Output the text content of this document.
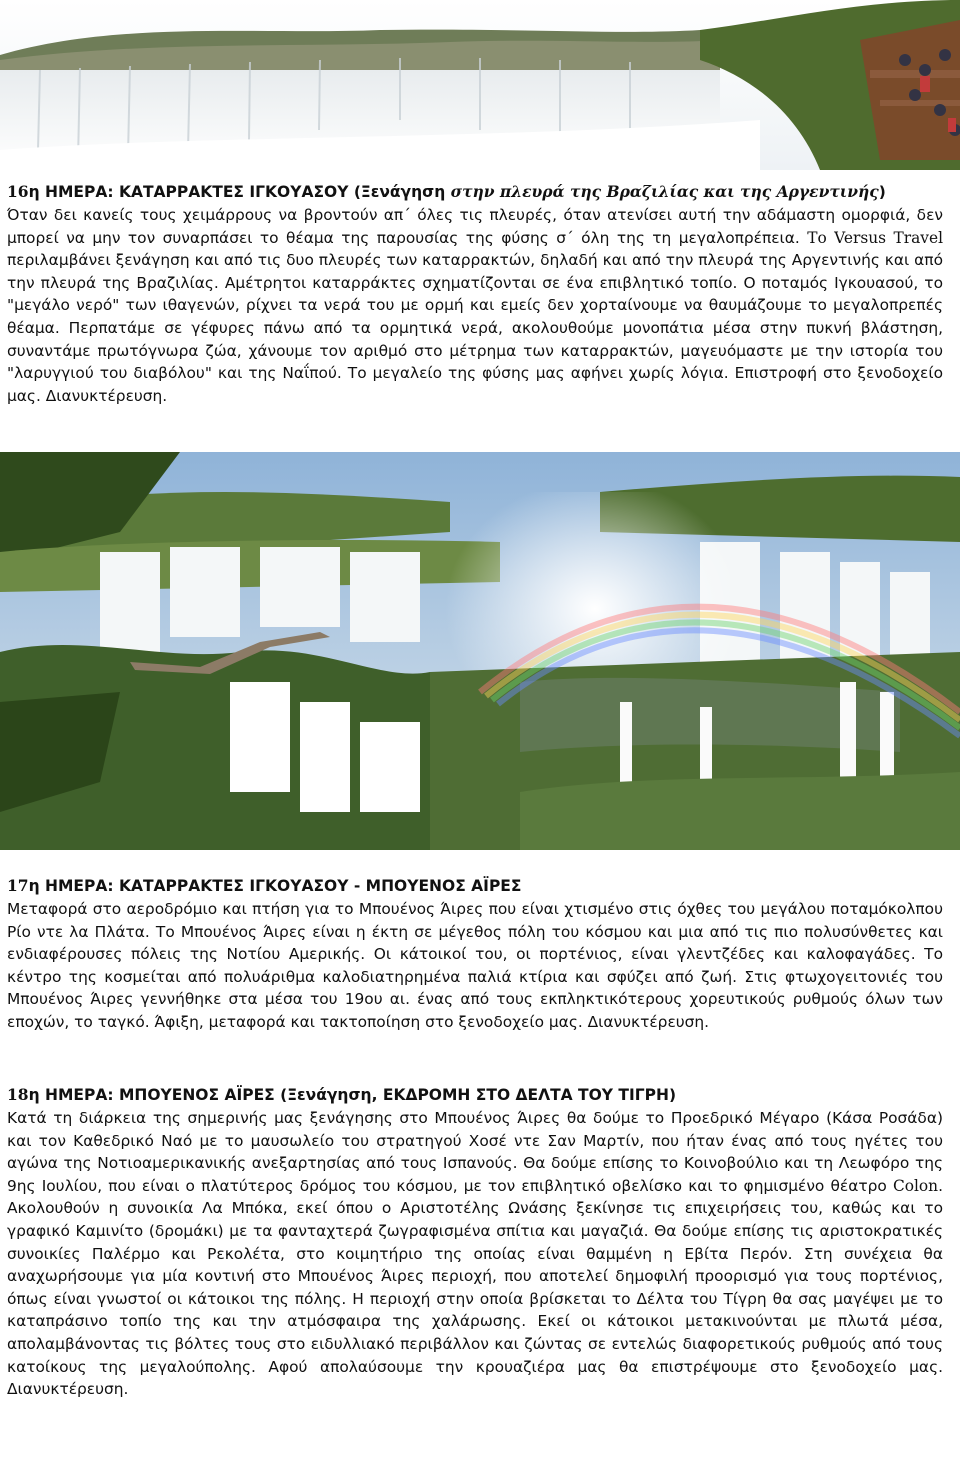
16η ΗΜΕΡΑ: ΚΑΤΑΡΡΑΚΤΕΣ ΙΓΚΟΥΑΣΟΥ (Ξενάγηση στην πλευρά της Βραζιλίας και της Αργεντινής)

Όταν δει κανείς τους χειμάρρους να βροντούν απ΄ όλες τις πλευρές, όταν ατενίσει αυτή την αδάμαστη ομορφιά, δεν μπορεί να μην τον συναρπάσει το θέαμα της παρουσίας της φύσης σ΄ όλη της τη μεγαλοπρέπεια. Το Versus Travel περιλαμβάνει ξενάγηση και από τις δυο πλευρές των καταρρακτών, δηλαδή και από την πλευρά της Αργεντινής και από την πλευρά της Βραζιλίας. Αμέτρητοι καταρράκτες σχηματίζονται σε ένα επιβλητικό τοπίο. Ο ποταμός Ιγκουασού, το "μεγάλο νερό" των ιθαγενών, ρίχνει τα νερά του με ορμή και εμείς δεν χορταίνουμε να θαυμάζουμε το μεγαλοπρεπές θέαμα. Περπατάμε σε γέφυρες πάνω από τα ορμητικά νερά, ακολουθούμε μονοπάτια μέσα στην πυκνή βλάστηση, συναντάμε πρωτόγνωρα ζώα, χάνουμε τον αριθμό στο μέτρημα των καταρρακτών, μαγευόμαστε με την ιστορία του "λαρυγγιού του διαβόλου" και της Ναΐπού. Το μεγαλείο της φύσης μας αφήνει χωρίς λόγια. Επιστροφή στο ξενοδοχείο μας. Διανυκτέρευση.

17η ΗΜΕΡΑ: ΚΑΤΑΡΡΑΚΤΕΣ ΙΓΚΟΥΑΣΟΥ - ΜΠΟΥΕΝΟΣ ΑΪΡΕΣ

Μεταφορά στο αεροδρόμιο και πτήση για το Μπουένος Άιρες που είναι χτισμένο στις όχθες του μεγάλου ποταμόκολπου Ρίο ντε λα Πλάτα. Το Μπουένος Άιρες είναι η έκτη σε μέγεθος πόλη του κόσμου και μια από τις πιο πολυσύνθετες και ενδιαφέρουσες πόλεις της Νοτίου Αμερικής. Οι κάτοικοί του, οι πορτένιος, είναι γλεντζέδες και καλοφαγάδες. Το κέντρο της κοσμείται από πολυάριθμα καλοδιατηρημένα παλιά κτίρια και σφύζει από ζωή. Στις φτωχογειτονιές του Μπουένος Άιρες γεννήθηκε στα μέσα του 19ου αι. ένας από τους εκπληκτικότερους χορευτικούς ρυθμούς όλων των εποχών, το ταγκό. Άφιξη, μεταφορά και τακτοποίηση στο ξενοδοχείο μας. Διανυκτέρευση.

18η ΗΜΕΡΑ: ΜΠΟΥΕΝΟΣ ΑΪΡΕΣ (Ξενάγηση, ΕΚΔΡΟΜΗ ΣΤΟ ΔΕΛΤΑ ΤΟΥ ΤΙΓΡΗ)

Κατά τη διάρκεια της σημερινής μας ξενάγησης στο Μπουένος Άιρες θα δούμε το Προεδρικό Μέγαρο (Κάσα Ροσάδα) και τον Καθεδρικό Ναό με το μαυσωλείο του στρατηγού Χοσέ ντε Σαν Μαρτίν, που ήταν ένας από τους ηγέτες του αγώνα της Νοτιοαμερικανικής ανεξαρτησίας από τους Ισπανούς. Θα δούμε επίσης το Κοινοβούλιο και τη Λεωφόρο της 9ης Ιουλίου, που είναι ο πλατύτερος δρόμος του κόσμου, με τον επιβλητικό οβελίσκο και το φημισμένο θέατρο Colon. Ακολουθούν η συνοικία Λα Μπόκα, εκεί όπου ο Αριστοτέλης Ωνάσης ξεκίνησε τις επιχειρήσεις του, καθώς και το γραφικό Καμινίτο (δρομάκι) με τα φανταχτερά ζωγραφισμένα σπίτια και μαγαζιά. Θα δούμε επίσης τις αριστοκρατικές συνοικίες Παλέρμο και Ρεκολέτα, στο κοιμητήριο της οποίας είναι θαμμένη η Εβίτα Περόν. Στη συνέχεια θα αναχωρήσουμε για μία κοντινή στο Μπουένος Άιρες περιοχή, που αποτελεί δημοφιλή προορισμό για τους πορτένιος, όπως είναι γνωστοί οι κάτοικοι της πόλης. Η περιοχή στην οποία βρίσκεται το Δέλτα του Τίγρη θα σας μαγέψει με το καταπράσινο τοπίο της και την ατμόσφαιρα της χαλάρωσης. Εκεί οι κάτοικοι μετακινούνται με πλωτά μέσα, απολαμβάνοντας τις βόλτες τους στο ειδυλλιακό περιβάλλον και ζώντας σε εντελώς διαφορετικούς ρυθμούς από τους κατοίκους της μεγαλούπολης. Αφού απολαύσουμε την κρουαζιέρα μας θα επιστρέψουμε στο ξενοδοχείο μας. Διανυκτέρευση.
